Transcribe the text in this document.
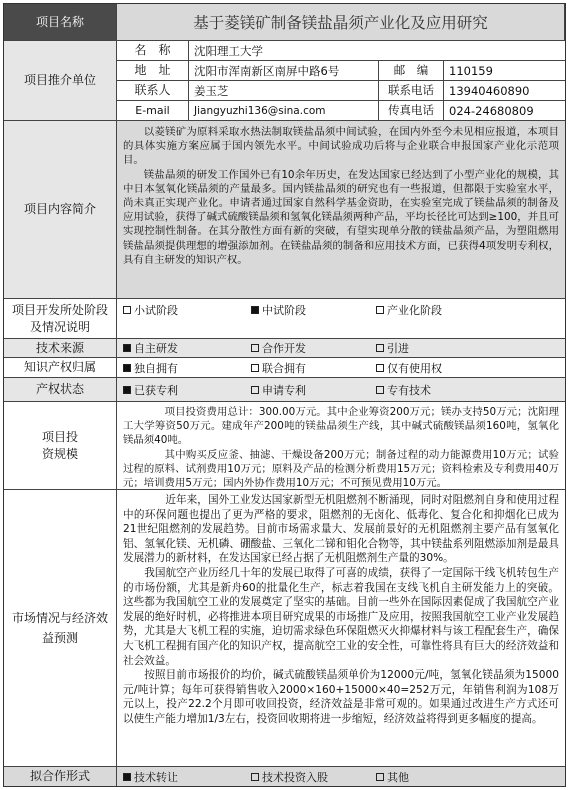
项目名称	基于菱镁矿制备镁盐晶须产业化及应用研究
项目推介单位
名　称	沈阳理工大学
地　址	沈阳市浑南新区南屏中路6号	邮　编	110159
联系人	姜玉芝	联系电话	13940460890
E-mail	Jiangyuzhi136@sina.com	传真电话	024-24680809
项目内容简介

以菱镁矿为原料采取水热法制取镁盐晶须中间试验，在国内外至今未见相应报道，本项目的具体实施方案应属于国内领先水平。中间试验成功后将与企业联合申报国家产业化示范项目。

镁盐晶须的研发工作国外已有10余年历史，在发达国家已经达到了小型产业化的规模，其中日本氢氧化镁晶须的产量最多。国内镁盐晶须的研究也有一些报道，但都限于实验室水平，尚未真正实现产业化。申请者通过国家自然科学基金资助，在实验室完成了镁盐晶须的制备及应用试验，获得了碱式硫酸镁晶须和氢氧化镁晶须两种产品，平均长径比可达到≥100，并且可实现控制性制备。在其分散性方面有新的突破，有望实现单分散的镁盐晶须产品，为塑阻燃用镁盐晶须提供理想的增强添加剂。在镁盐晶须的制备和应用技术方面，已获得4项发明专利权，具有自主研发的知识产权。

项目开发所处阶段及情况说明
小试阶段	中试阶段	产业化阶段
技术来源	自主研发	合作开发	引进
知识产权归属	独自拥有	联合拥有	仅有使用权
产权状态	已获专利	申请专利	专有技术
项目投资规模

项目投资费用总计：300.00万元。其中企业筹资200万元；镁办支持50万元；沈阳理工大学筹资50万元。建成年产200吨的镁盐晶须生产线，其中碱式硫酸镁晶须160吨，氢氧化镁晶须40吨。

其中购买反应釜、抽滤、干燥设备200万元；制备过程的动力能源费用10万元；试验过程的原料、试剂费用10万元；原料及产品的检测分析费用15万元；资料检索及专利费用40万元；培训费用5万元；国内外协作费用10万元；不可预见费用10万元。

市场情况与经济效益预测

近年来，国外工业发达国家新型无机阻燃剂不断涌现，同时对阻燃剂自身和使用过程中的环保问题也提出了更为严格的要求，阻燃剂的无卤化、低毒化、复合化和抑烟化已成为21世纪阻燃剂的发展趋势。目前市场需求量大、发展前景好的无机阻燃剂主要产品有氢氧化铝、氢氧化镁、无机磷、硼酸盐、三氧化二锑和钼化合物等，其中镁盐系列阻燃添加剂是最具发展潜力的新材料，在发达国家已经占据了无机阻燃剂生产量的30%。

我国航空产业历经几十年的发展已取得了可喜的成绩，获得了一定国际干线飞机转包生产的市场份额，尤其是新舟60的批量化生产，标志着我国在支线飞机自主研发能力上的突破。这些都为我国航空工业的发展奠定了坚实的基础。目前一些外在国际因素促成了我国航空产业发展的绝好时机，必将推进本项目研究成果的市场推广及应用，按照我国航空工业产业发展趋势，尤其是大飞机工程的实施，迫切需求绿色环保阻燃灭火抑爆材料与该工程配套生产，确保大飞机工程拥有国产化的知识产权，提高航空工业的安全性，可靠性将具有巨大的经济效益和社会效益。

按照目前市场报价的均价，碱式硫酸镁晶须单价为12000元/吨，氢氧化镁晶须为15000元/吨计算；每年可获得销售收入2000×160+15000×40=252万元，年销售利润为108万元以上，投产22.2个月即可收回投资，经济效益是非常可观的。如果通过改进生产方式还可以使生产能力增加1/3左右，投资回收期将进一步缩短，经济效益将得到更多幅度的提高。

拟合作形式	技术转让	技术投资入股	其他
